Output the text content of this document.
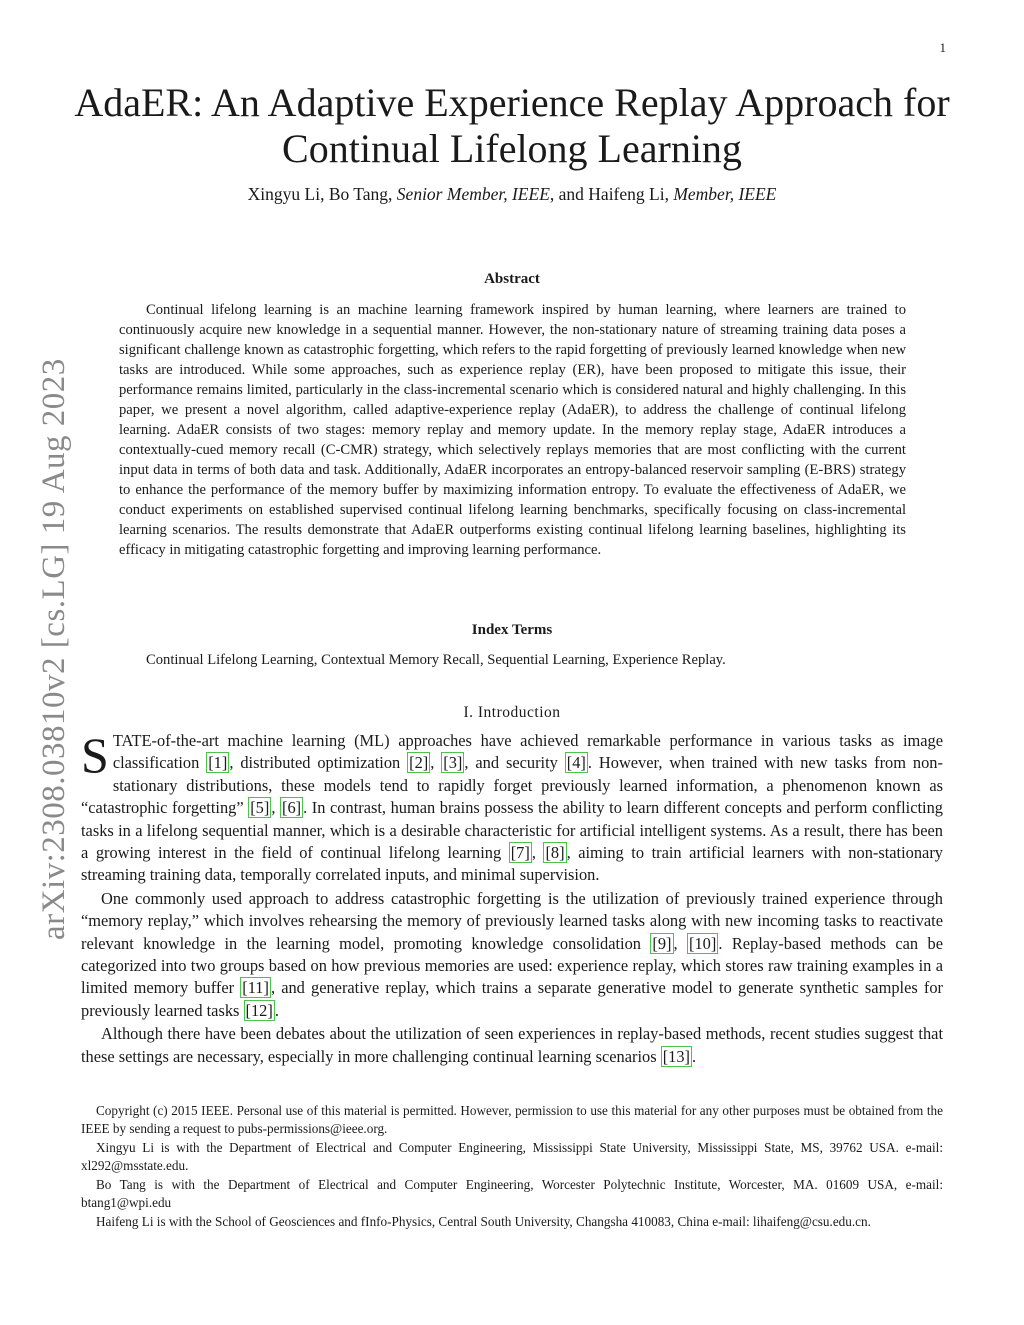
1
arXiv:2308.03810v2 [cs.LG] 19 Aug 2023
AdaER: An Adaptive Experience Replay Approach for Continual Lifelong Learning
Xingyu Li, Bo Tang, Senior Member, IEEE, and Haifeng Li, Member, IEEE
Abstract

Continual lifelong learning is an machine learning framework inspired by human learning, where learners are trained to continuously acquire new knowledge in a sequential manner. However, the non-stationary nature of streaming training data poses a significant challenge known as catastrophic forgetting, which refers to the rapid forgetting of previously learned knowledge when new tasks are introduced. While some approaches, such as experience replay (ER), have been proposed to mitigate this issue, their performance remains limited, particularly in the class-incremental scenario which is considered natural and highly challenging. In this paper, we present a novel algorithm, called adaptive-experience replay (AdaER), to address the challenge of continual lifelong learning. AdaER consists of two stages: memory replay and memory update. In the memory replay stage, AdaER introduces a contextually-cued memory recall (C-CMR) strategy, which selectively replays memories that are most conflicting with the current input data in terms of both data and task. Additionally, AdaER incorporates an entropy-balanced reservoir sampling (E-BRS) strategy to enhance the performance of the memory buffer by maximizing information entropy. To evaluate the effectiveness of AdaER, we conduct experiments on established supervised continual lifelong learning benchmarks, specifically focusing on class-incremental learning scenarios. The results demonstrate that AdaER outperforms existing continual lifelong learning baselines, highlighting its efficacy in mitigating catastrophic forgetting and improving learning performance.

Index Terms
Continual Lifelong Learning, Contextual Memory Recall, Sequential Learning, Experience Replay.
I. Introduction

STATE-of-the-art machine learning (ML) approaches have achieved remarkable performance in various tasks as image classification [1] , distributed optimization [2] , [3] , and security [4] . However, when trained with new tasks from non-stationary distributions, these models tend to rapidly forget previously learned information, a phenomenon known as “catastrophic forgetting” [5] , [6] . In contrast, human brains possess the ability to learn different concepts and perform conflicting tasks in a lifelong sequential manner, which is a desirable characteristic for artificial intelligent systems. As a result, there has been a growing interest in the field of continual lifelong learning [7] , [8] , aiming to train artificial learners with non-stationary streaming training data, temporally correlated inputs, and minimal supervision.

One commonly used approach to address catastrophic forgetting is the utilization of previously trained experience through “memory replay,” which involves rehearsing the memory of previously learned tasks along with new incoming tasks to reactivate relevant knowledge in the learning model, promoting knowledge consolidation [9] , [10] . Replay-based methods can be categorized into two groups based on how previous memories are used: experience replay, which stores raw training examples in a limited memory buffer [11] , and generative replay, which trains a separate generative model to generate synthetic samples for previously learned tasks [12] .

Although there have been debates about the utilization of seen experiences in replay-based methods, recent studies suggest that these settings are necessary, especially in more challenging continual learning scenarios [13] .

Copyright (c) 2015 IEEE. Personal use of this material is permitted. However, permission to use this material for any other purposes must be obtained from the IEEE by sending a request to pubs-permissions@ieee.org.

Xingyu Li is with the Department of Electrical and Computer Engineering, Mississippi State University, Mississippi State, MS, 39762 USA. e-mail: xl292@msstate.edu.

Bo Tang is with the Department of Electrical and Computer Engineering, Worcester Polytechnic Institute, Worcester, MA. 01609 USA, e-mail: btang1@wpi.edu

Haifeng Li is with the School of Geosciences and fInfo-Physics, Central South University, Changsha 410083, China e-mail: lihaifeng@csu.edu.cn.
